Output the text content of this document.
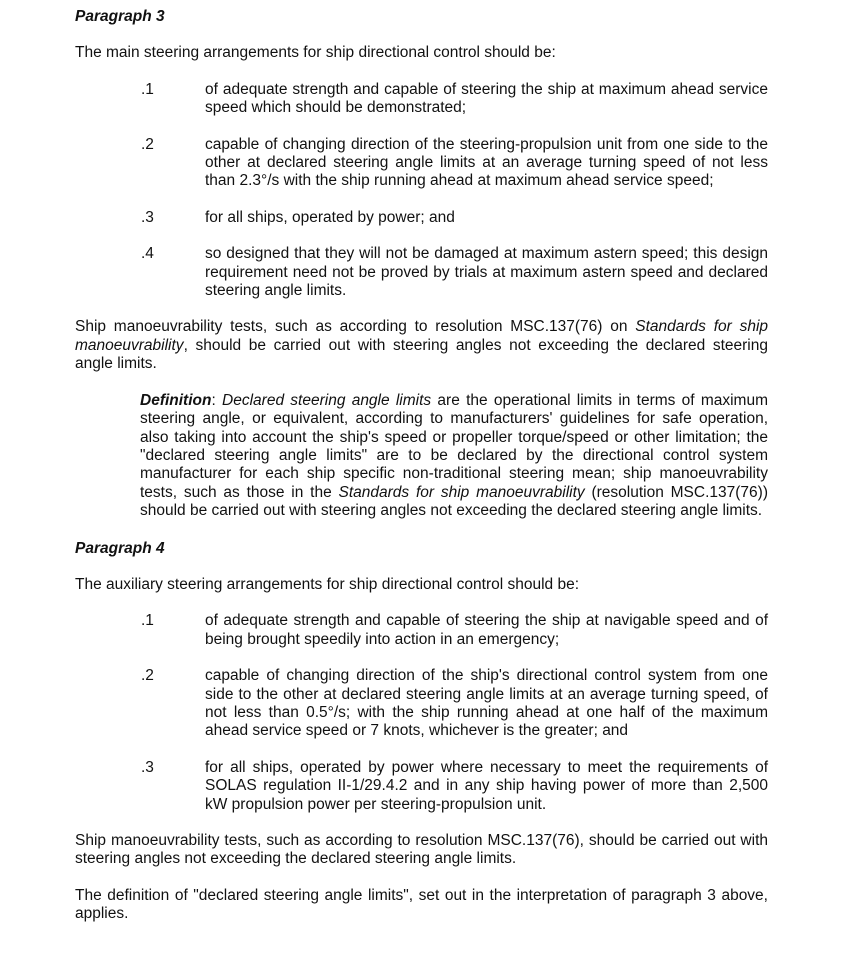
Paragraph 3

The main steering arrangements for ship directional control should be:

.1	of adequate strength and capable of steering the ship at maximum ahead service speed which should be demonstrated;
.2	capable of changing direction of the steering-propulsion unit from one side to the other at declared steering angle limits at an average turning speed of not less than 2.3°/s with the ship running ahead at maximum ahead service speed;
.3	for all ships, operated by power; and
.4	so designed that they will not be damaged at maximum astern speed; this design requirement need not be proved by trials at maximum astern speed and declared steering angle limits.

Ship manoeuvrability tests, such as according to resolution MSC.137(76) on Standards for ship manoeuvrability, should be carried out with steering angles not exceeding the declared steering angle limits.

Definition: Declared steering angle limits are the operational limits in terms of maximum steering angle, or equivalent, according to manufacturers' guidelines for safe operation, also taking into account the ship's speed or propeller torque/speed or other limitation; the "declared steering angle limits" are to be declared by the directional control system manufacturer for each ship specific non-traditional steering mean; ship manoeuvrability tests, such as those in the Standards for ship manoeuvrability (resolution MSC.137(76)) should be carried out with steering angles not exceeding the declared steering angle limits.

Paragraph 4

The auxiliary steering arrangements for ship directional control should be:

.1	of adequate strength and capable of steering the ship at navigable speed and of being brought speedily into action in an emergency;
.2	capable of changing direction of the ship's directional control system from one side to the other at declared steering angle limits at an average turning speed, of not less than 0.5°/s; with the ship running ahead at one half of the maximum ahead service speed or 7 knots, whichever is the greater; and
.3	for all ships, operated by power where necessary to meet the requirements of SOLAS regulation II-1/29.4.2 and in any ship having power of more than 2,500 kW propulsion power per steering-propulsion unit.

Ship manoeuvrability tests, such as according to resolution MSC.137(76), should be carried out with steering angles not exceeding the declared steering angle limits.

The definition of "declared steering angle limits", set out in the interpretation of paragraph 3 above, applies.
